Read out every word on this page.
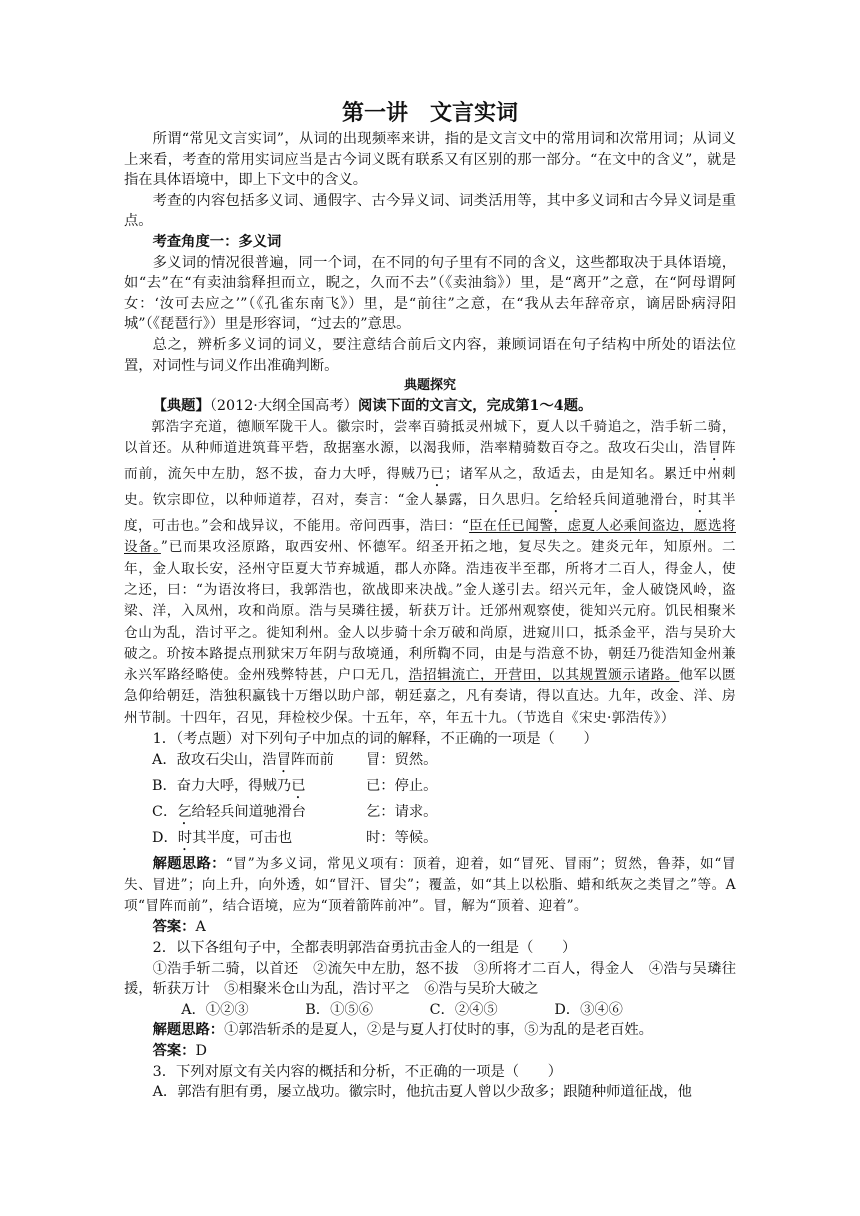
第一讲　文言实词

所谓“常见文言实词”，从词的出现频率来讲，指的是文言文中的常用词和次常用词；从词义上来看，考查的常用实词应当是古今词义既有联系又有区别的那一部分。“在文中的含义”，就是指在具体语境中，即上下文中的含义。

考查的内容包括多义词、通假字、古今异义词、词类活用等，其中多义词和古今异义词是重点。

考查角度一：多义词

多义词的情况很普遍，同一个词，在不同的句子里有不同的含义，这些都取决于具体语境，如“去”在“有卖油翁释担而立，睨之，久而不去”（《卖油翁》）里，是“离开”之意，在“阿母谓阿女：‘汝可去应之’”（《孔雀东南飞》）里，是“前往”之意，在“我从去年辞帝京，谪居卧病浔阳城”（《琵琶行》）里是形容词，“过去的”意思。

总之，辨析多义词的词义，要注意结合前后文内容，兼顾词语在句子结构中所处的语法位置，对词性与词义作出准确判断。

典题探究

【典题】（2012·大纲全国高考）阅读下面的文言文，完成第1～4题。

郭浩字充道，德顺军陇干人。徽宗时，尝率百骑抵灵州城下，夏人以千骑追之，浩手斩二骑，以首还。从种师道进筑葺平砦，敌据塞水源，以渴我师，浩率精骑数百夺之。敌攻石尖山，浩冒阵而前，流矢中左肋，怒不拔，奋力大呼，得贼乃已；诸军从之，敌适去，由是知名。累迁中州刺史。钦宗即位，以种师道荐，召对，奏言：“金人暴露，日久思归。乞给轻兵间道驰滑台，时其半度，可击也。”会和战异议，不能用。帝问西事，浩曰：“臣在任已闻警，虑夏人必乘间盗边，愿选将设备。”已而果攻泾原路，取西安州、怀德军。绍圣开拓之地，复尽失之。建炎元年，知原州。二年，金人取长安，泾州守臣夏大节弃城遁，郡人亦降。浩违夜半至郡，所将才二百人，得金人，使之还，曰：“为语汝将曰，我郭浩也，欲战即来决战。”金人遂引去。绍兴元年，金人破饶风岭，盗梁、洋，入凤州，攻和尚原。浩与吴璘往援，斩获万计。迁邠州观察使，徙知兴元府。饥民相聚米仓山为乱，浩讨平之。徙知利州。金人以步骑十余万破和尚原，进窥川口，抵杀金平，浩与吴玠大破之。玠按本路提点刑狱宋万年阴与敌境通，利所鞫不同，由是与浩意不协，朝廷乃徙浩知金州兼永兴军路经略使。金州残弊特甚，户口无几，浩招辑流亡，开营田，以其规置颁示诸路。他军以匮急仰给朝廷，浩独积赢钱十万缗以助户部，朝廷嘉之，凡有奏请，得以直达。九年，改金、洋、房州节制。十四年，召见，拜检校少保。十五年，卒，年五十九。（节选自《宋史·郭浩传》）

1．（考点题）对下列句子中加点的词的解释，不正确的一项是（　　）

A．敌攻石尖山，浩冒阵而前	冒：贸然。
B．奋力大呼，得贼乃已	已：停止。
C．乞给轻兵间道驰滑台	乞：请求。
D．时其半度，可击也	时：等候。

解题思路：“冒”为多义词，常见义项有：顶着，迎着，如“冒死、冒雨”；贸然，鲁莽，如“冒失、冒进”；向上升，向外透，如“冒汗、冒尖”；覆盖，如“其上以松脂、蜡和纸灰之类冒之”等。A项“冒阵而前”，结合语境，应为“顶着箭阵前冲”。冒，解为“顶着、迎着”。

答案：A

2．以下各组句子中，全都表明郭浩奋勇抗击金人的一组是（　　）

①浩手斩二骑，以首还　②流矢中左肋，怒不拔　③所将才二百人，得金人　④浩与吴璘往援，斩获万计　⑤相聚米仓山为乱，浩讨平之　⑥浩与吴玠大破之

A．①②③	B．①⑤⑥	C．②④⑤	D．③④⑥

解题思路：①郭浩斩杀的是夏人，②是与夏人打仗时的事，⑤为乱的是老百姓。

答案：D

3．下列对原文有关内容的概括和分析，不正确的一项是（　　）

A．郭浩有胆有勇，屡立战功。徽宗时，他抗击夏人曾以少敌多；跟随种师道征战，他
